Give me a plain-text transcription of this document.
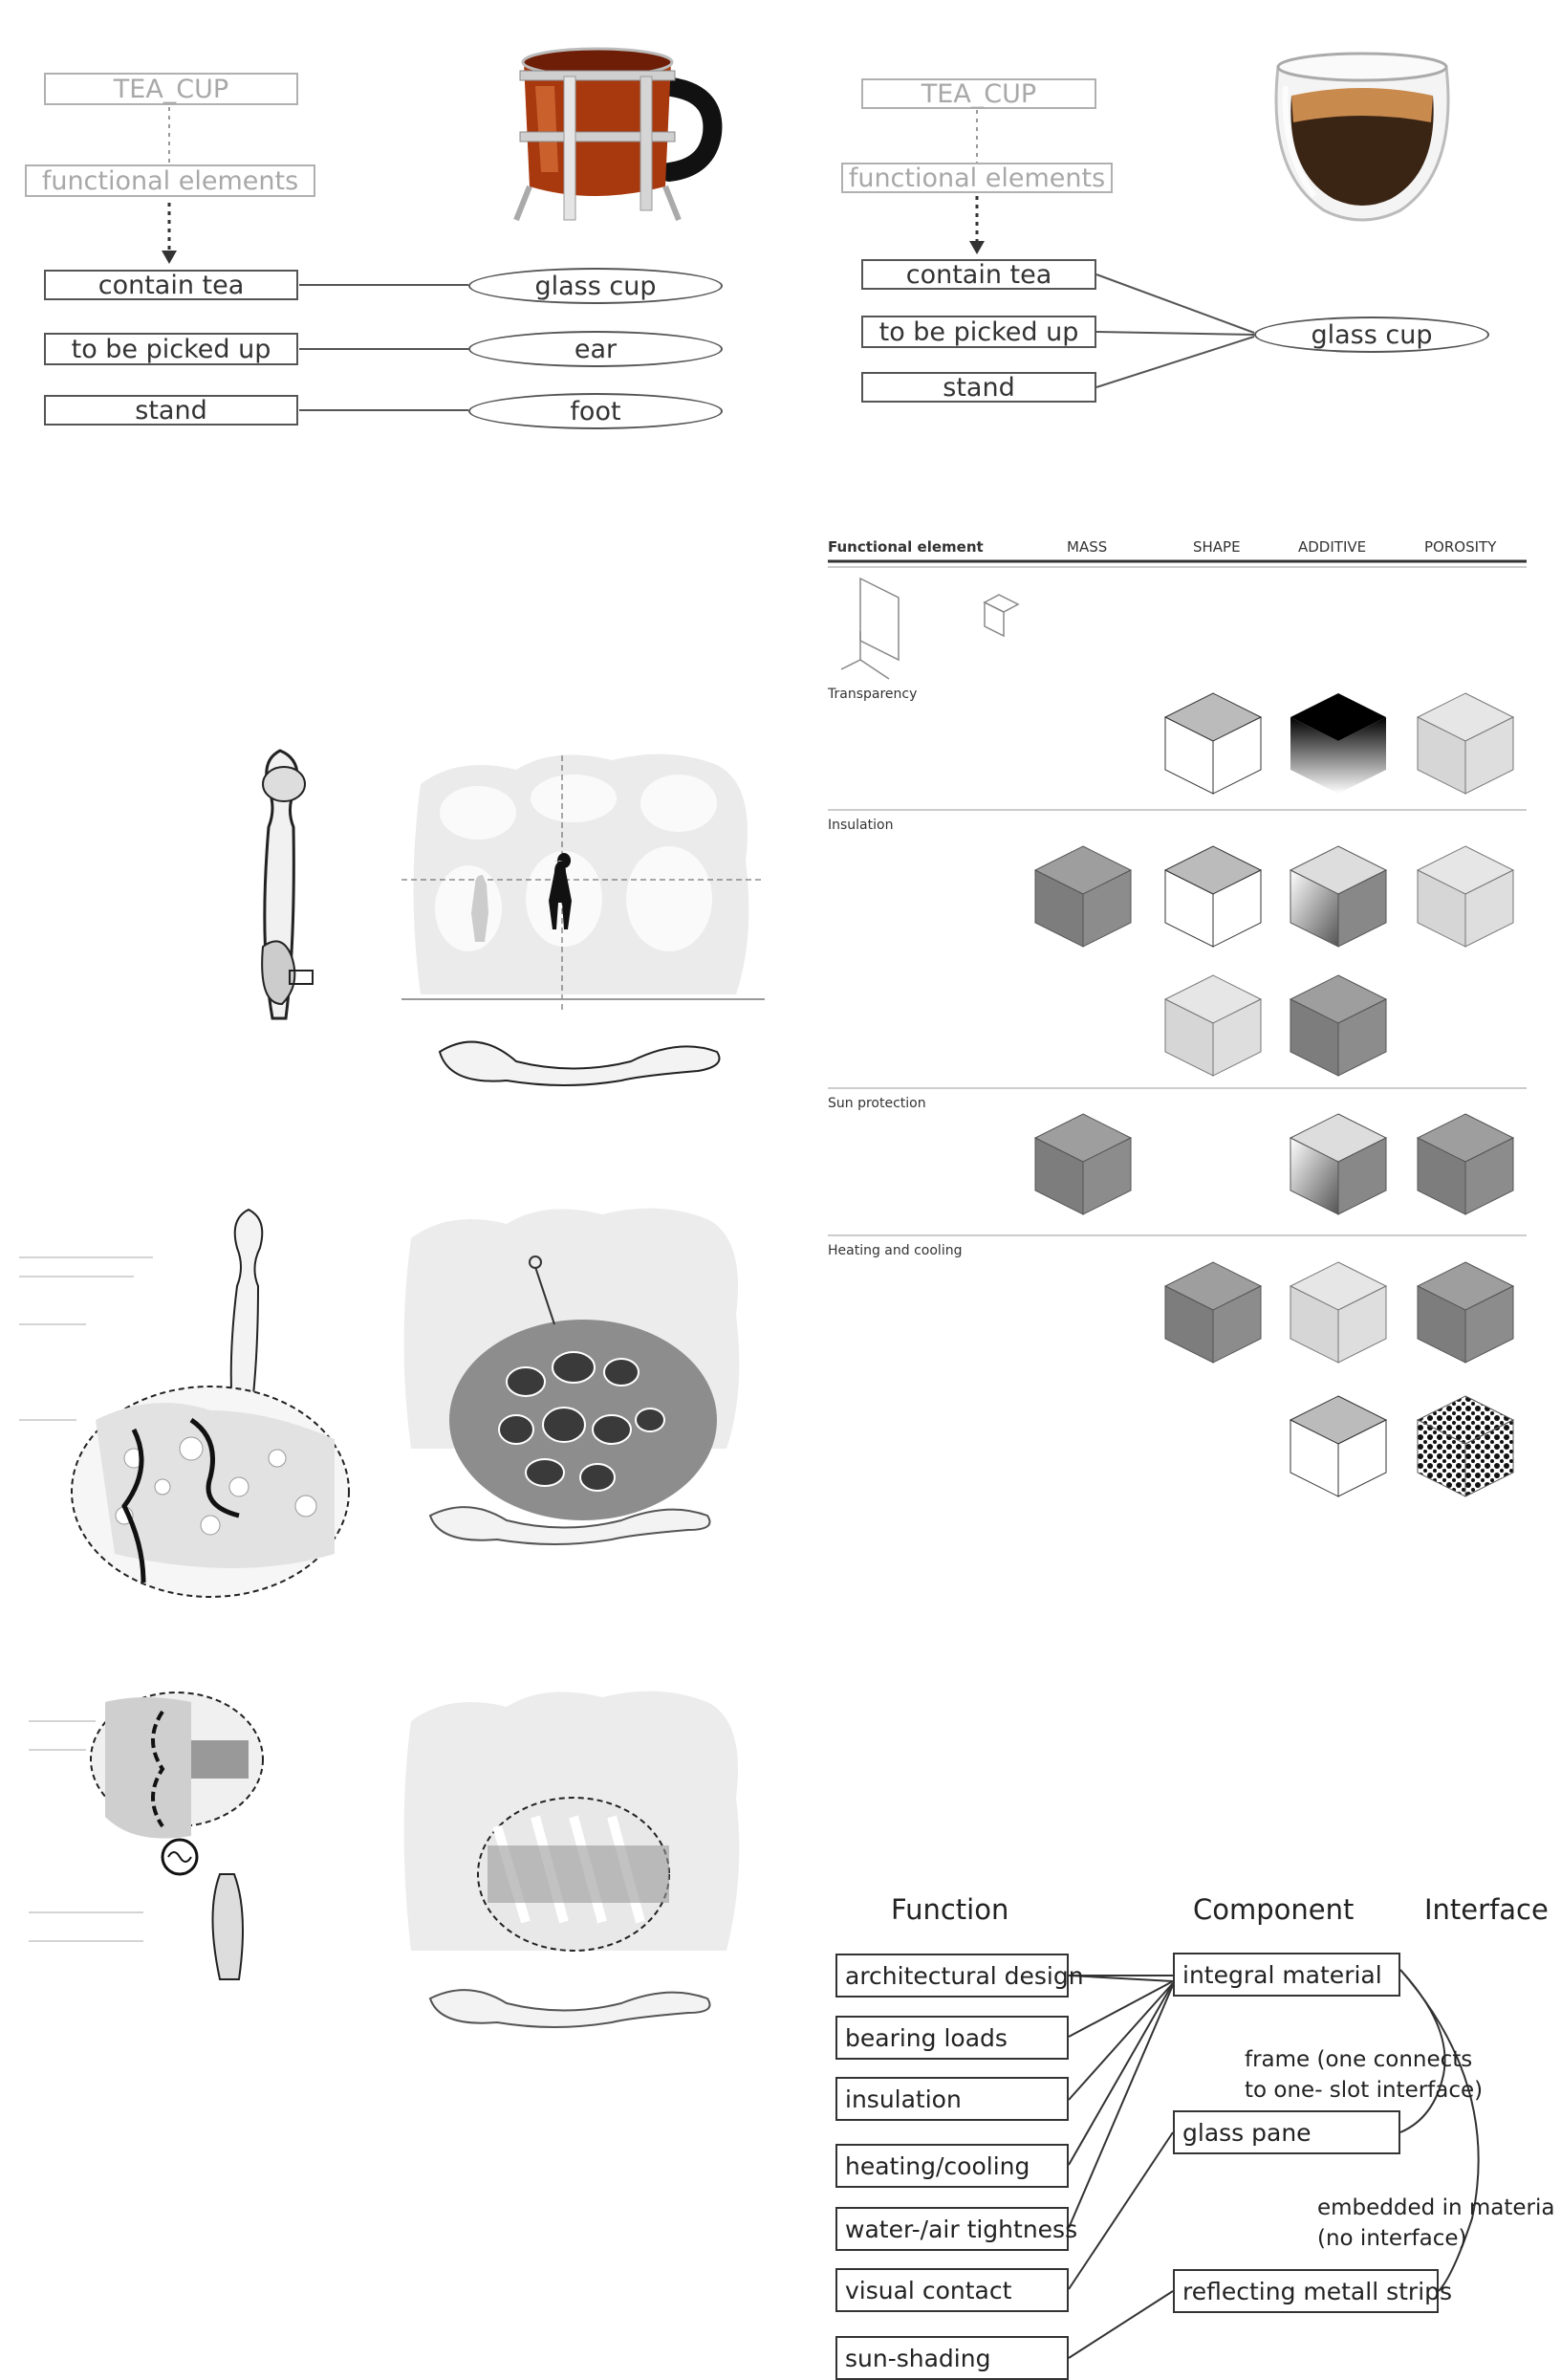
TEA_CUP
functional elements
contain tea
to be picked up
stand
glass cup
ear
foot
TEA_CUP
functional elements
contain tea
to be picked up
stand
glass cup
Functional element	MASS	SHAPE	ADDITIVE	POROSITY
Transparency
Insulation
Sun protection
Heating and cooling
Function	Component	Interface
architectural design
bearing loads
insulation
heating/cooling
water-/air tightness
visual contact
sun-shading
integral material
glass pane
reflecting metall strips
frame (one connects
to one- slot interface)
embedded in materia
(no interface)
